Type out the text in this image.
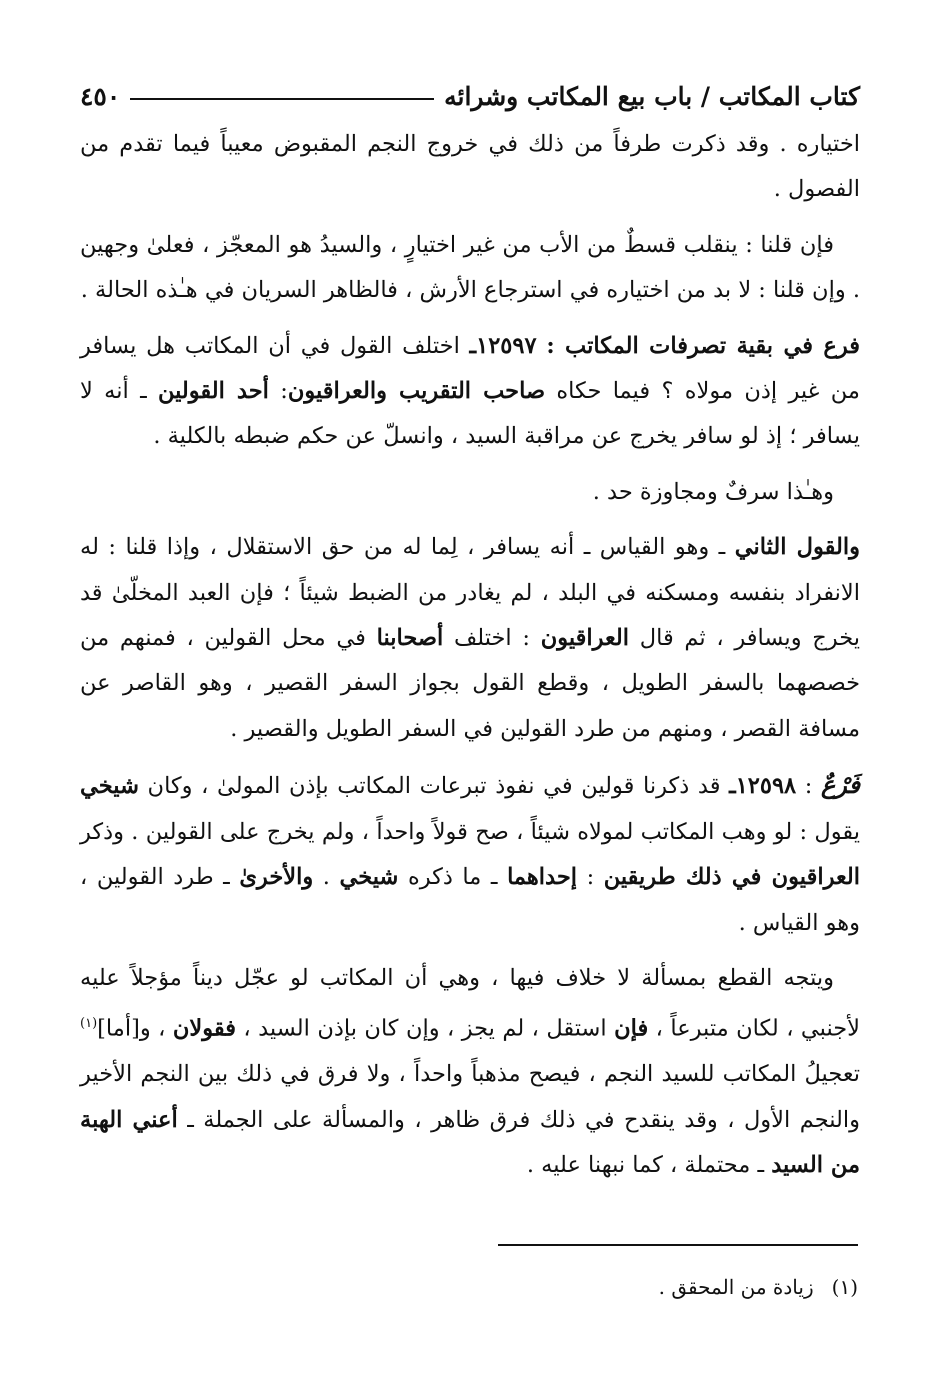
كتاب المكاتب / باب بيع المكاتب وشرائه
٤٥٠

اختياره . وقد ذكرت طرفاً من ذلك في خروج النجم المقبوض معيباً فيما تقدم من الفصول .

فإن قلنا : ينقلب قسطٌ من الأب من غير اختيارٍ ، والسيدُ هو المعجّز ، فعلىٰ وجهين . وإن قلنا : لا بد من اختياره في استرجاع الأرش ، فالظاهر السريان في هـٰذه الحالة .

فرع في بقية تصرفات المكاتب : ١٢٥٩٧ـ اختلف القول في أن المكاتب هل يسافر من غير إذن مولاه ؟ فيما حكاه صاحب التقريب والعراقيون: أحد القولين ـ أنه لا يسافر ؛ إذ لو سافر يخرج عن مراقبة السيد ، وانسلّ عن حكم ضبطه بالكلية .

وهـٰذا سرفٌ ومجاوزة حد .

والقول الثاني ـ وهو القياس ـ أنه يسافر ، لِما له من حق الاستقلال ، وإذا قلنا : له الانفراد بنفسه ومسكنه في البلد ، لم يغادر من الضبط شيئاً ؛ فإن العبد المخلّىٰ قد يخرج ويسافر ، ثم قال العراقيون : اختلف أصحابنا في محل القولين ، فمنهم من خصصهما بالسفر الطويل ، وقطع القول بجواز السفر القصير ، وهو القاصر عن مسافة القصر ، ومنهم من طرد القولين في السفر الطويل والقصير .

فَرْعٌ : ١٢٥٩٨ـ قد ذكرنا قولين في نفوذ تبرعات المكاتب بإذن المولىٰ ، وكان شيخي يقول : لو وهب المكاتب لمولاه شيئاً ، صح قولاً واحداً ، ولم يخرج على القولين . وذكر العراقيون في ذلك طريقين : إحداهما ـ ما ذكره شيخي . والأخرىٰ ـ طرد القولين ، وهو القياس .

ويتجه القطع بمسألة لا خلاف فيها ، وهي أن المكاتب لو عجّل ديناً مؤجلاً عليه لأجنبي ، لكان متبرعاً ، فإن استقل ، لم يجز ، وإن كان بإذن السيد ، فقولان ، و[أما]$^{(١)}$ تعجيلُ المكاتب للسيد النجم ، فيصح مذهباً واحداً ، ولا فرق في ذلك بين النجم الأخير والنجم الأول ، وقد ينقدح في ذلك فرق ظاهر ، والمسألة على الجملة ـ أعني الهبة من السيد ـ محتملة ، كما نبهنا عليه .

(١)زيادة من المحقق .
